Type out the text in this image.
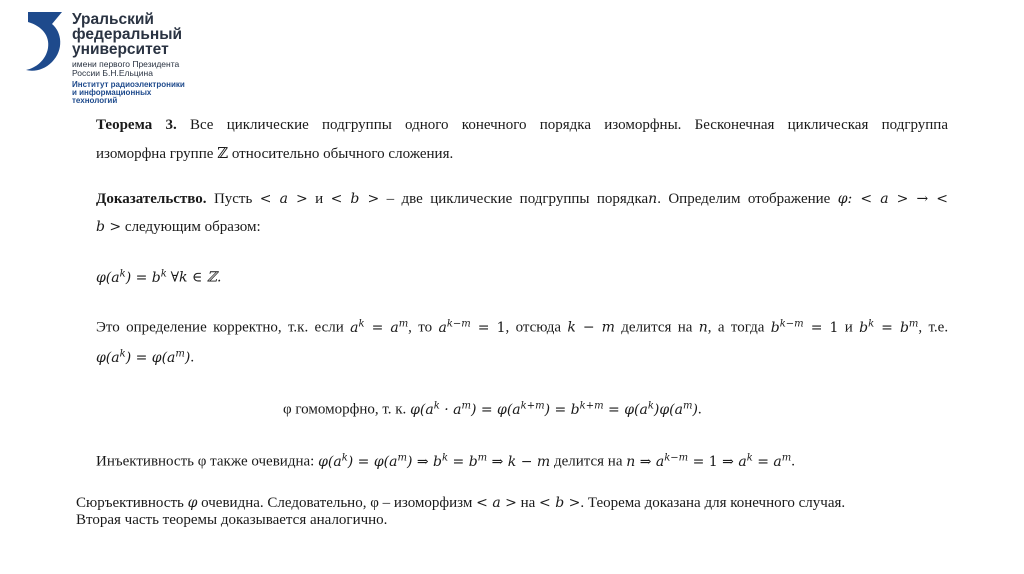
Уральский
федеральный
университет
имени первого Президента
России Б.Н.Ельцина
Институт радиоэлектроники
и информационных
технологий
Теорема 3. Все циклические подгруппы одного конечного порядка изоморфны. Бесконечная циклическая подгруппа
изоморфна группе ℤ относительно обычного сложения.
Доказательство. Пусть < a > и < b > – две циклические подгруппы порядкаn. Определим отображение φ: < a > → <
b > следующим образом:
$\varphi(a^k) = b^k$ ∀k ∈ ℤ.
Это определение корректно, т.к. если $a^k = a^m$, то $a^{k-m} = 1$, отсюда k − m делится на n, а тогда $b^{k-m} = 1$ и $b^k = b^m$, т.е.
$\varphi(a^k) = \varphi(a^m)$.
φ гомоморфно, т. к. $\varphi(a^k \cdot a^m) = \varphi(a^{k+m}) = b^{k+m} = \varphi(a^k)\varphi(a^m)$.
Инъективность φ также очевидна: $\varphi(a^k) = \varphi(a^m)$ ⇒ $b^k = b^m$ ⇒ k − m делится на n ⇒ $a^{k-m} = 1$ ⇒ $a^k = a^m$.
Сюръективность φ очевидна. Следовательно, φ – изоморфизм < a > на < b >. Теорема доказана для конечного случая.
Вторая часть теоремы доказывается аналогично.
